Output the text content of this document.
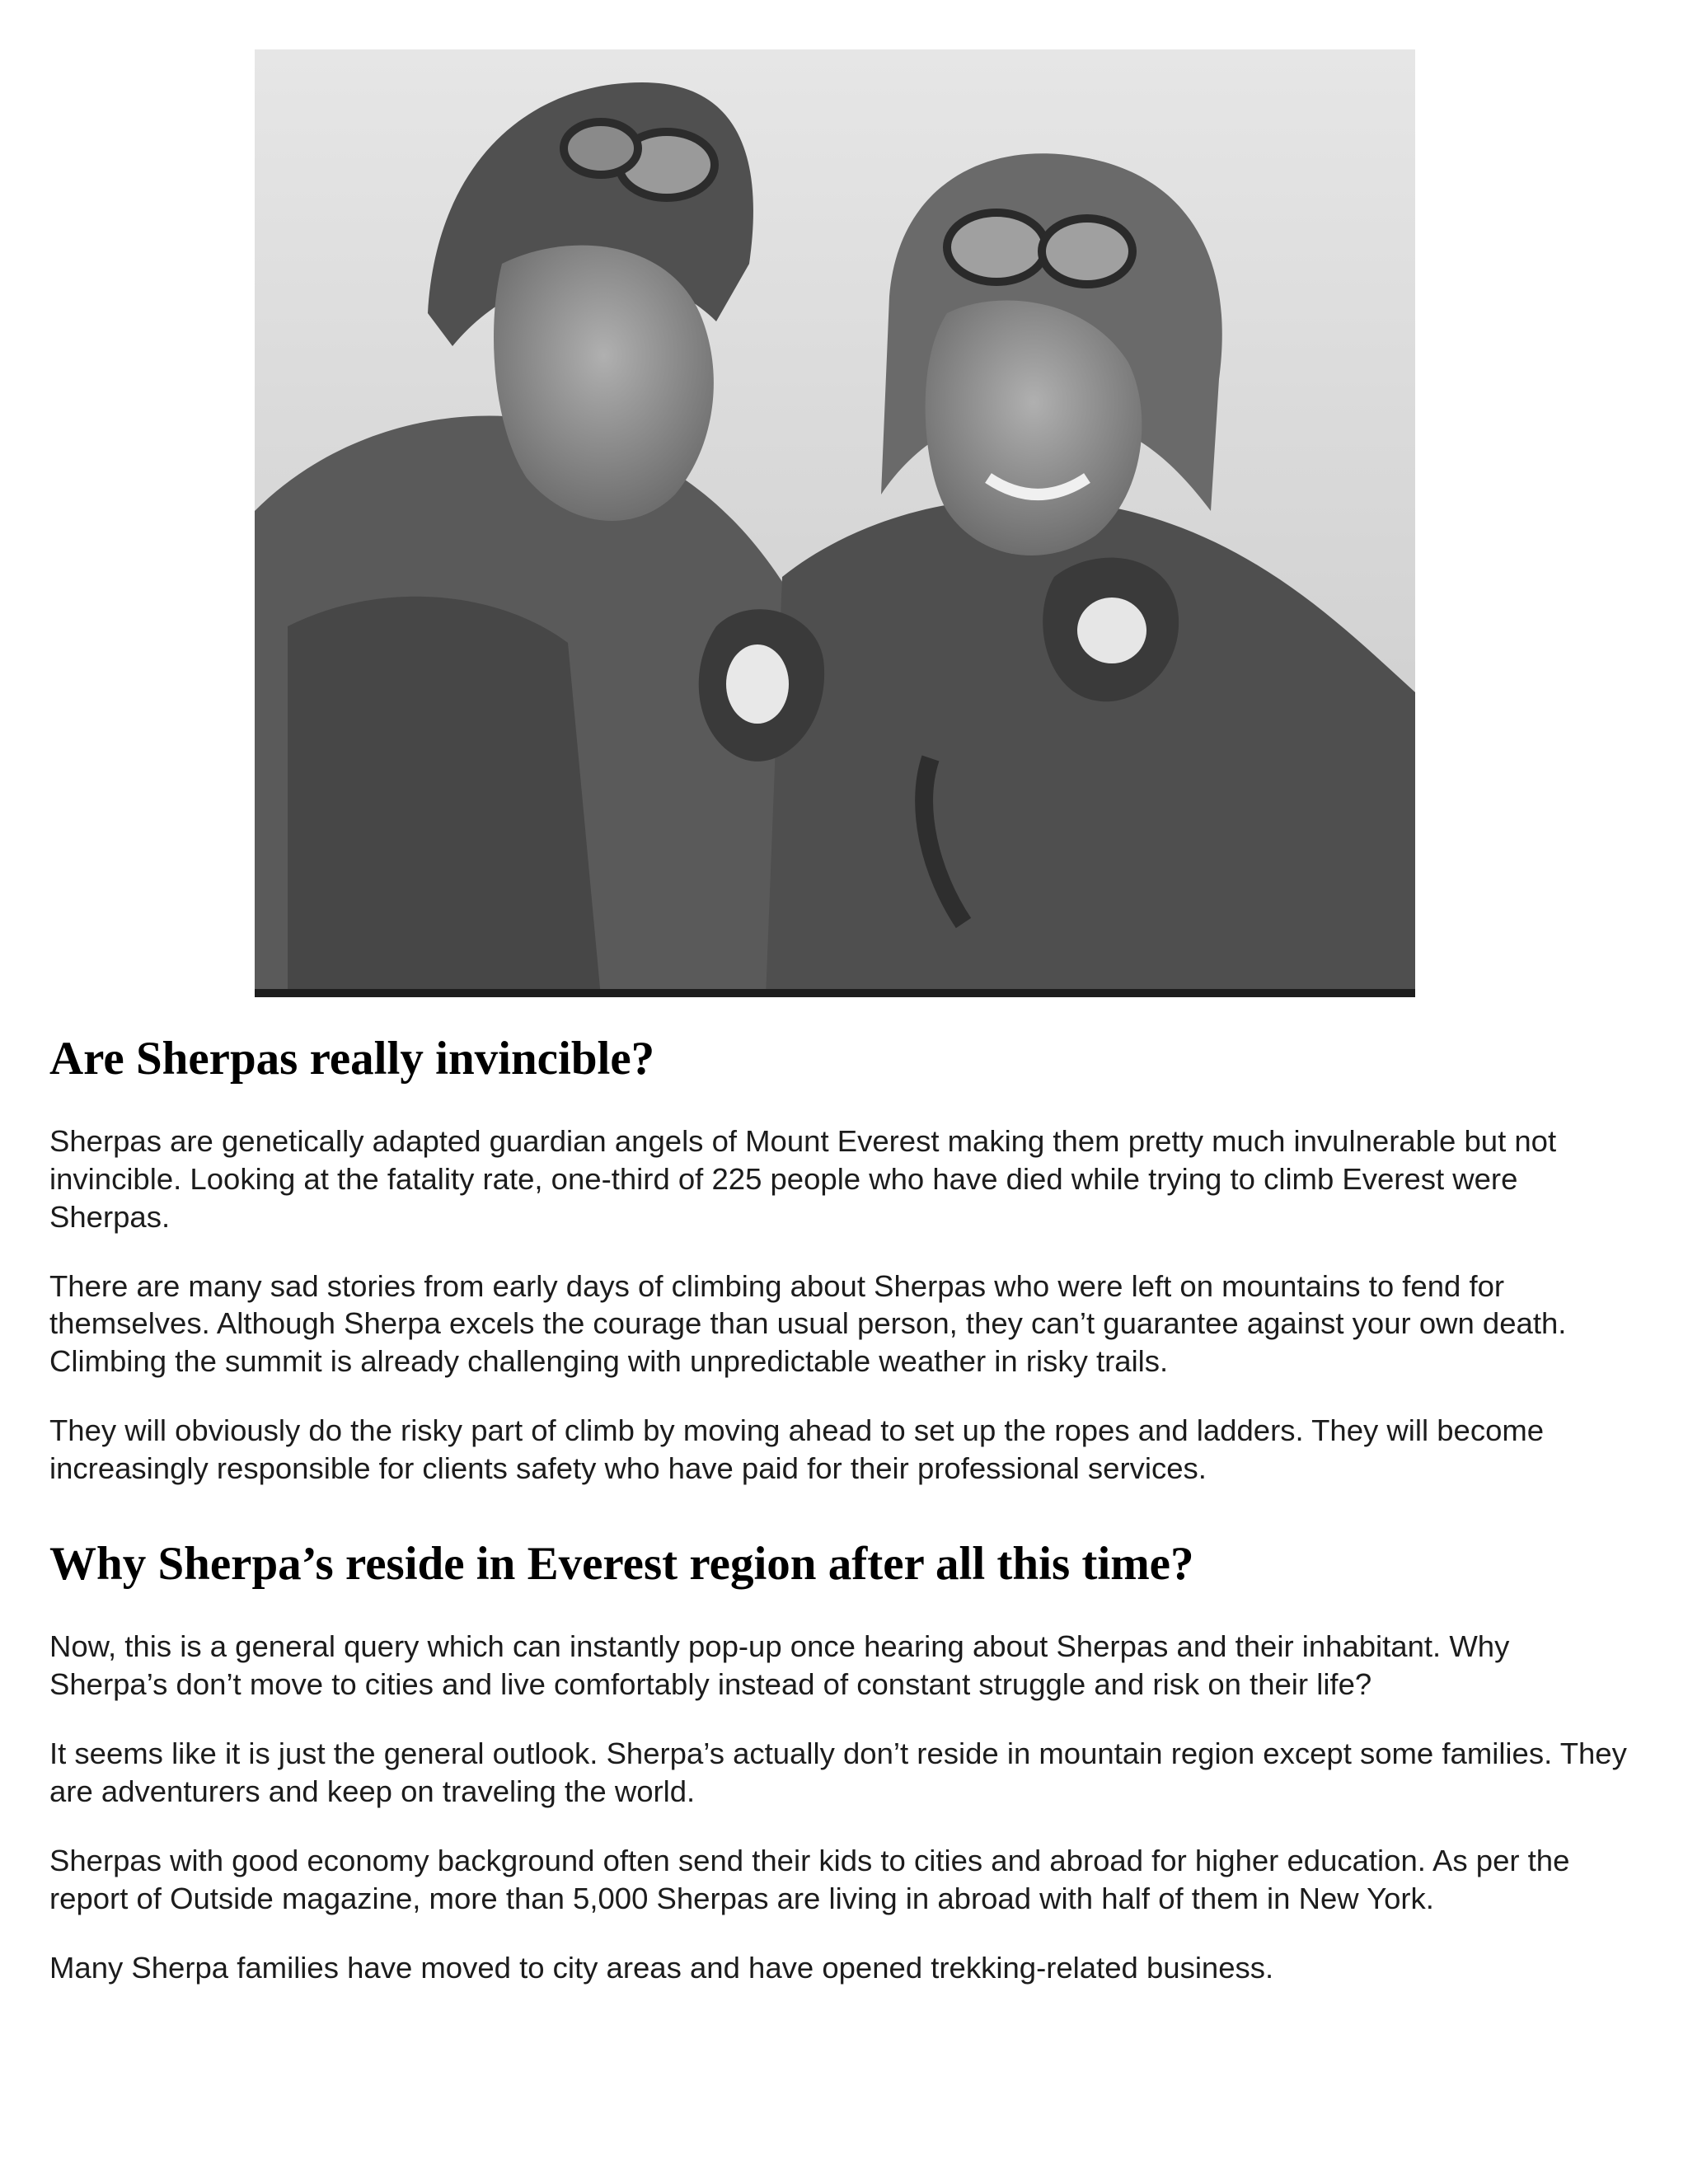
Are Sherpas really invincible?

Sherpas are genetically adapted guardian angels of Mount Everest making them pretty much invulnerable but not invincible. Looking at the fatality rate, one-third of 225 people who have died while trying to climb Everest were Sherpas.

There are many sad stories from early days of climbing about Sherpas who were left on mountains to fend for themselves. Although Sherpa excels the courage than usual person, they can’t guarantee against your own death. Climbing the summit is already challenging with unpredictable weather in risky trails.

They will obviously do the risky part of climb by moving ahead to set up the ropes and ladders. They will become increasingly responsible for clients safety who have paid for their professional services.

Why Sherpa’s reside in Everest region after all this time?

Now, this is a general query which can instantly pop-up once hearing about Sherpas and their inhabitant. Why Sherpa’s don’t move to cities and live comfortably instead of constant struggle and risk on their life?

It seems like it is just the general outlook. Sherpa’s actually don’t reside in mountain region except some families. They are adventurers and keep on traveling the world.

Sherpas with good economy background often send their kids to cities and abroad for higher education. As per the report of Outside magazine, more than 5,000 Sherpas are living in abroad with half of them in New York.

Many Sherpa families have moved to city areas and have opened trekking-related business.
